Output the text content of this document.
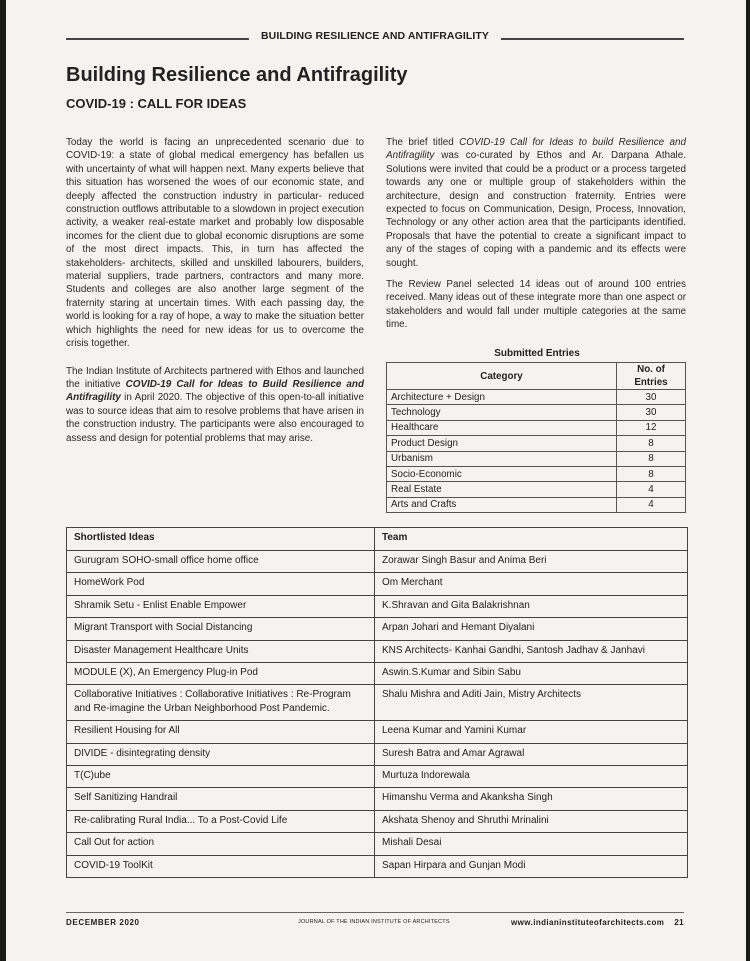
BUILDING RESILIENCE AND ANTIFRAGILITY
Building Resilience and Antifragility
COVID-19 : CALL FOR IDEAS

Today the world is facing an unprecedented scenario due to COVID-19: a state of global medical emergency has befallen us with uncertainty of what will happen next. Many experts believe that this situation has worsened the woes of our economic state, and deeply affected the construction industry in particular- reduced construction outflows attributable to a slowdown in project execution activity, a weaker real-estate market and probably low disposable incomes for the client due to global economic disruptions are some of the most direct impacts. This, in turn has affected the stakeholders- architects, skilled and unskilled labourers, builders, material suppliers, trade partners, contractors and many more. Students and colleges are also another large segment of the fraternity staring at uncertain times. With each passing day, the world is looking for a ray of hope, a way to make the situation better which highlights the need for new ideas for us to overcome the crisis together.

The Indian Institute of Architects partnered with Ethos and launched the initiative COVID-19 Call for Ideas to Build Resilience and Antifragility in April 2020. The objective of this open-to-all initiative was to source ideas that aim to resolve problems that have arisen in the construction industry. The participants were also encouraged to assess and design for potential problems that may arise.

The brief titled COVID-19 Call for Ideas to build Resilience and Antifragility was co-curated by Ethos and Ar. Darpana Athale. Solutions were invited that could be a product or a process targeted towards any one or multiple group of stakeholders within the architecture, design and construction fraternity. Entries were expected to focus on Communication, Design, Process, Innovation, Technology or any other action area that the participants identified. Proposals that have the potential to create a significant impact to any of the stages of coping with a pandemic and its effects were sought.

The Review Panel selected 14 ideas out of around 100 entries received. Many ideas out of these integrate more than one aspect or stakeholders and would fall under multiple categories at the same time.

Submitted Entries
Category	No. of Entries
Architecture + Design	30
Technology	30
Healthcare	12
Product Design	8
Urbanism	8
Socio-Economic	8
Real Estate	4
Arts and Crafts	4
Shortlisted Ideas	Team
Gurugram SOHO-small office home office	Zorawar Singh Basur and Anima Beri
HomeWork Pod	Om Merchant
Shramik Setu - Enlist Enable Empower	K.Shravan and Gita Balakrishnan
Migrant Transport with Social Distancing	Arpan Johari and Hemant Diyalani
Disaster Management Healthcare Units	KNS Architects- Kanhai Gandhi, Santosh Jadhav & Janhavi
MODULE (X), An Emergency Plug-in Pod	Aswin.S.Kumar and Sibin Sabu
Collaborative Initiatives : Collaborative Initiatives : Re-Program and Re-imagine the Urban Neighborhood Post Pandemic.	Shalu Mishra and Aditi Jain, Mistry Architects
Resilient Housing for All	Leena Kumar and Yamini Kumar
DIVIDE - disintegrating density	Suresh Batra and Amar Agrawal
T(C)ube	Murtuza Indorewala
Self Sanitizing Handrail	Himanshu Verma and Akanksha Singh
Re-calibrating Rural India... To a Post-Covid Life	Akshata Shenoy and Shruthi Mrinalini
Call Out for action	Mishali Desai
COVID-19 ToolKit	Sapan Hirpara and Gunjan Modi
DECEMBER 2020	JOURNAL OF THE INDIAN INSTITUTE OF ARCHITECTS	www.indianinstituteofarchitects.com 21
